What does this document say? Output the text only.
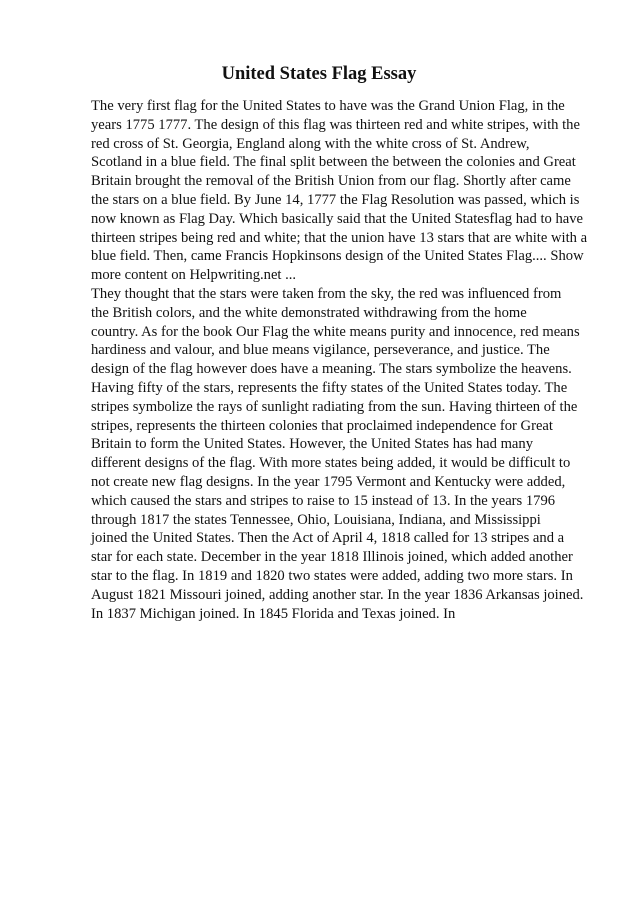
United States Flag Essay
The very first flag for the United States to have was the Grand Union Flag, in the
years 1775 1777. The design of this flag was thirteen red and white stripes, with the
red cross of St. Georgia, England along with the white cross of St. Andrew,
Scotland in a blue field. The final split between the between the colonies and Great
Britain brought the removal of the British Union from our flag. Shortly after came
the stars on a blue field. By June 14, 1777 the Flag Resolution was passed, which is
now known as Flag Day. Which basically said that the United Statesflag had to have
thirteen stripes being red and white; that the union have 13 stars that are white with a
blue field. Then, came Francis Hopkinsons design of the United States Flag.... Show
more content on Helpwriting.net ...
They thought that the stars were taken from the sky, the red was influenced from
the British colors, and the white demonstrated withdrawing from the home
country. As for the book Our Flag the white means purity and innocence, red means
hardiness and valour, and blue means vigilance, perseverance, and justice. The
design of the flag however does have a meaning. The stars symbolize the heavens.
Having fifty of the stars, represents the fifty states of the United States today. The
stripes symbolize the rays of sunlight radiating from the sun. Having thirteen of the
stripes, represents the thirteen colonies that proclaimed independence for Great
Britain to form the United States. However, the United States has had many
different designs of the flag. With more states being added, it would be difficult to
not create new flag designs. In the year 1795 Vermont and Kentucky were added,
which caused the stars and stripes to raise to 15 instead of 13. In the years 1796
through 1817 the states Tennessee, Ohio, Louisiana, Indiana, and Mississippi
joined the United States. Then the Act of April 4, 1818 called for 13 stripes and a
star for each state. December in the year 1818 Illinois joined, which added another
star to the flag. In 1819 and 1820 two states were added, adding two more stars. In
August 1821 Missouri joined, adding another star. In the year 1836 Arkansas joined.
In 1837 Michigan joined. In 1845 Florida and Texas joined. In
